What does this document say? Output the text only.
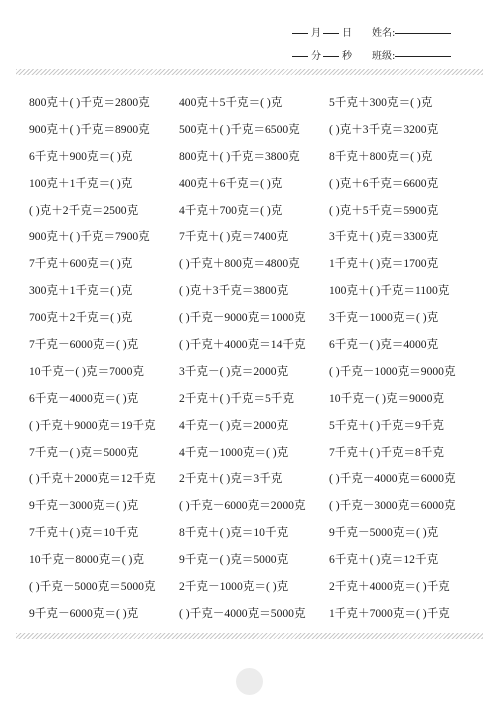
月 日 姓名:
分 秒 班级:
800克＋( )千克＝2800克	400克＋5千克＝( )克	5千克＋300克＝( )克
900克＋( )千克＝8900克	500克＋( )千克＝6500克	( )克＋3千克＝3200克
6千克＋900克＝( )克	800克＋( )千克＝3800克	8千克＋800克＝( )克
100克＋1千克＝( )克	400克＋6千克＝( )克	( )克＋6千克＝6600克
( )克＋2千克＝2500克	4千克＋700克＝( )克	( )克＋5千克＝5900克
900克＋( )千克＝7900克	7千克＋( )克＝7400克	3千克＋( )克＝3300克
7千克＋600克＝( )克	( )千克＋800克＝4800克	1千克＋( )克＝1700克
300克＋1千克＝( )克	( )克＋3千克＝3800克	100克＋( )千克＝1100克
700克＋2千克＝( )克	( )千克－9000克＝1000克 3千克－1000克＝( )克
7千克－6000克＝( )克	( )千克＋4000克＝14千克 6千克－( )克＝4000克
10千克－( )克＝7000克	3千克－( )克＝2000克	( )千克－1000克＝9000克
6千克－4000克＝( )克	2千克＋( )千克＝5千克	10千克－( )克＝9000克
( )千克＋9000克＝19千克 4千克－( )克＝2000克	5千克＋( )千克＝9千克
7千克－( )克＝5000克	4千克－1000克＝( )克	7千克＋( )千克＝8千克
( )千克＋2000克＝12千克 2千克＋( )克＝3千克	( )千克－4000克＝6000克
9千克－3000克＝( )克	( )千克－6000克＝2000克 ( )千克－3000克＝6000克
7千克＋( )克＝10千克	8千克＋( )克＝10千克	9千克－5000克＝( )克
10千克－8000克＝( )克	9千克－( )克＝5000克	6千克＋( )克＝12千克
( )千克－5000克＝5000克 2千克－1000克＝( )克	2千克＋4000克＝( )千克
9千克－6000克＝( )克	( )千克－4000克＝5000克 1千克＋7000克＝( )千克
